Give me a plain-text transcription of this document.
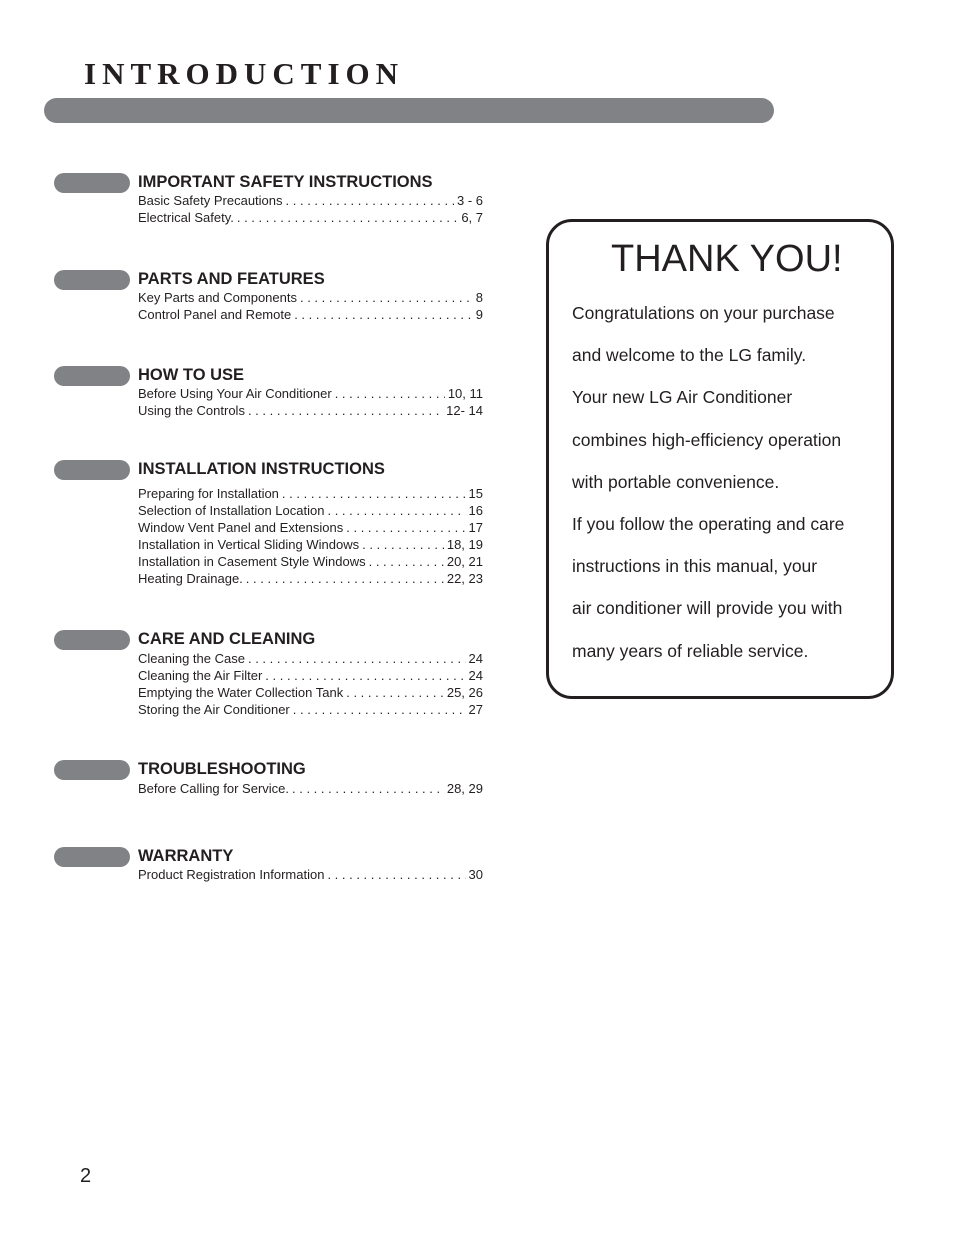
INTRODUCTION
IMPORTANT SAFETY INSTRUCTIONS
Basic Safety Precautions . . .	3 - 6
Electrical Safety. . . .	6, 7
PARTS AND FEATURES
Key Parts and Components . . .	8
Control Panel and Remote . . .	9
HOW TO USE
Before Using Your Air Conditioner . . .	10, 11
Using the Controls . . .	12- 14
INSTALLATION INSTRUCTIONS
Preparing for Installation . . .	15
Selection of Installation Location . . .	16
Window Vent Panel and Extensions . . .	17
Installation in Vertical Sliding Windows . . .	18, 19
Installation in Casement Style Windows . . .	20, 21
Heating Drainage. . . .	22, 23
CARE AND CLEANING
Cleaning the Case . . .	24
Cleaning the Air Filter . . .	24
Emptying the Water Collection Tank . . .	25, 26
Storing the Air Conditioner . . .	27
TROUBLESHOOTING
Before Calling for Service. . . .	28, 29
WARRANTY
Product Registration Information . . .	30
THANK YOU!
Congratulations on your purchase
and welcome to the LG family.
Your new LG Air Conditioner
combines high-efficiency operation
with portable convenience.
If you follow the operating and care
instructions in this manual, your
air conditioner will provide you with
many years of reliable service.
2
